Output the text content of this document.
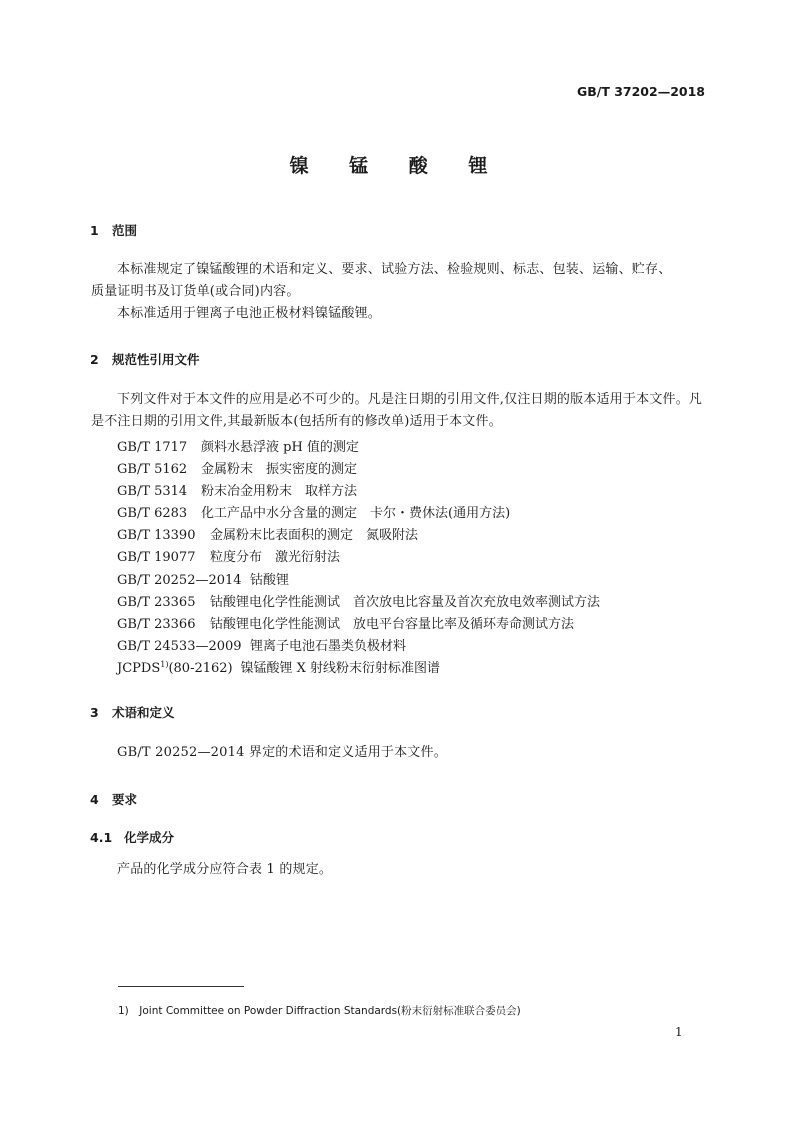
GB/T 37202—2018
镍 锰 酸 锂
1 范围
本标准规定了镍锰酸锂的术语和定义、要求、试验方法、检验规则、标志、包装、运输、贮存、质量证明书及订货单(或合同)内容。
本标准适用于锂离子电池正极材料镍锰酸锂。
2 规范性引用文件
下列文件对于本文件的应用是必不可少的。凡是注日期的引用文件,仅注日期的版本适用于本文件。凡是不注日期的引用文件,其最新版本(包括所有的修改单)适用于本文件。
GB/T 1717 颜料水悬浮液 pH 值的测定
GB/T 5162 金属粉末　振实密度的测定
GB/T 5314 粉末冶金用粉末　取样方法
GB/T 6283 化工产品中水分含量的测定　卡尔・费休法(通用方法)
GB/T 13390 金属粉末比表面积的测定　氮吸附法
GB/T 19077 粒度分布　激光衍射法
GB/T 20252—2014 钴酸锂
GB/T 23365 钴酸锂电化学性能测试　首次放电比容量及首次充放电效率测试方法
GB/T 23366 钴酸锂电化学性能测试　放电平台容量比率及循环寿命测试方法
GB/T 24533—2009 锂离子电池石墨类负极材料
JCPDS$^{1)}$(80-2162) 镍锰酸锂 X 射线粉末衍射标准图谱
3 术语和定义
GB/T 20252—2014 界定的术语和定义适用于本文件。
4 要求
4.1 化学成分
产品的化学成分应符合表 1 的规定。
1)　Joint Committee on Powder Diffraction Standards(粉末衍射标准联合委员会)
1
